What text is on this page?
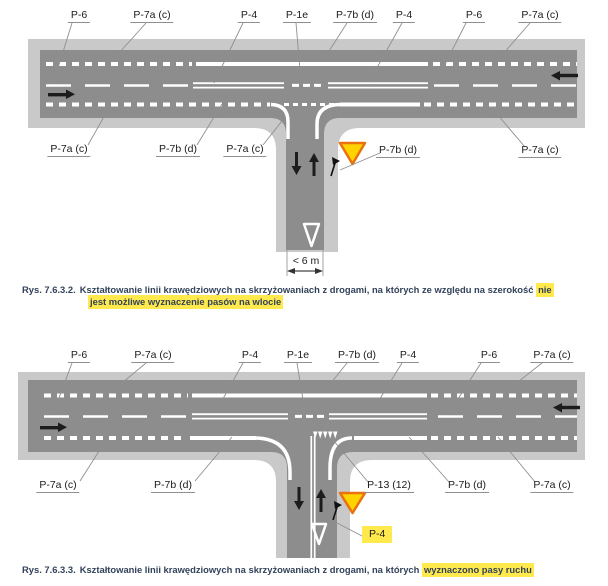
P-6	P-7a (c)	P-4	P-1e	P-7b (d) P-4	P-6	P-7a (c)
P-7a (c)	P-7b (d)	P-7a (c)	P-7b (d)	P-7a (c)
< 6 m
Rys. 7.6.3.2. Kształtowanie linii krawędziowych na skrzyżowaniach z drogami, na których ze względu na szerokość nie
jest możliwe wyznaczenie pasów na wlocie
P-6	P-7a (c)	P-4	P-1e	P-7b (d) P-4	P-6	P-7a (c)
P-7a (c)	P-7b (d)	P-13 (12)	P-7b (d)	P-7a (c)
P-4
Rys. 7.6.3.3. Kształtowanie linii krawędziowych na skrzyżowaniach z drogami, na których wyznaczono pasy ruchu
